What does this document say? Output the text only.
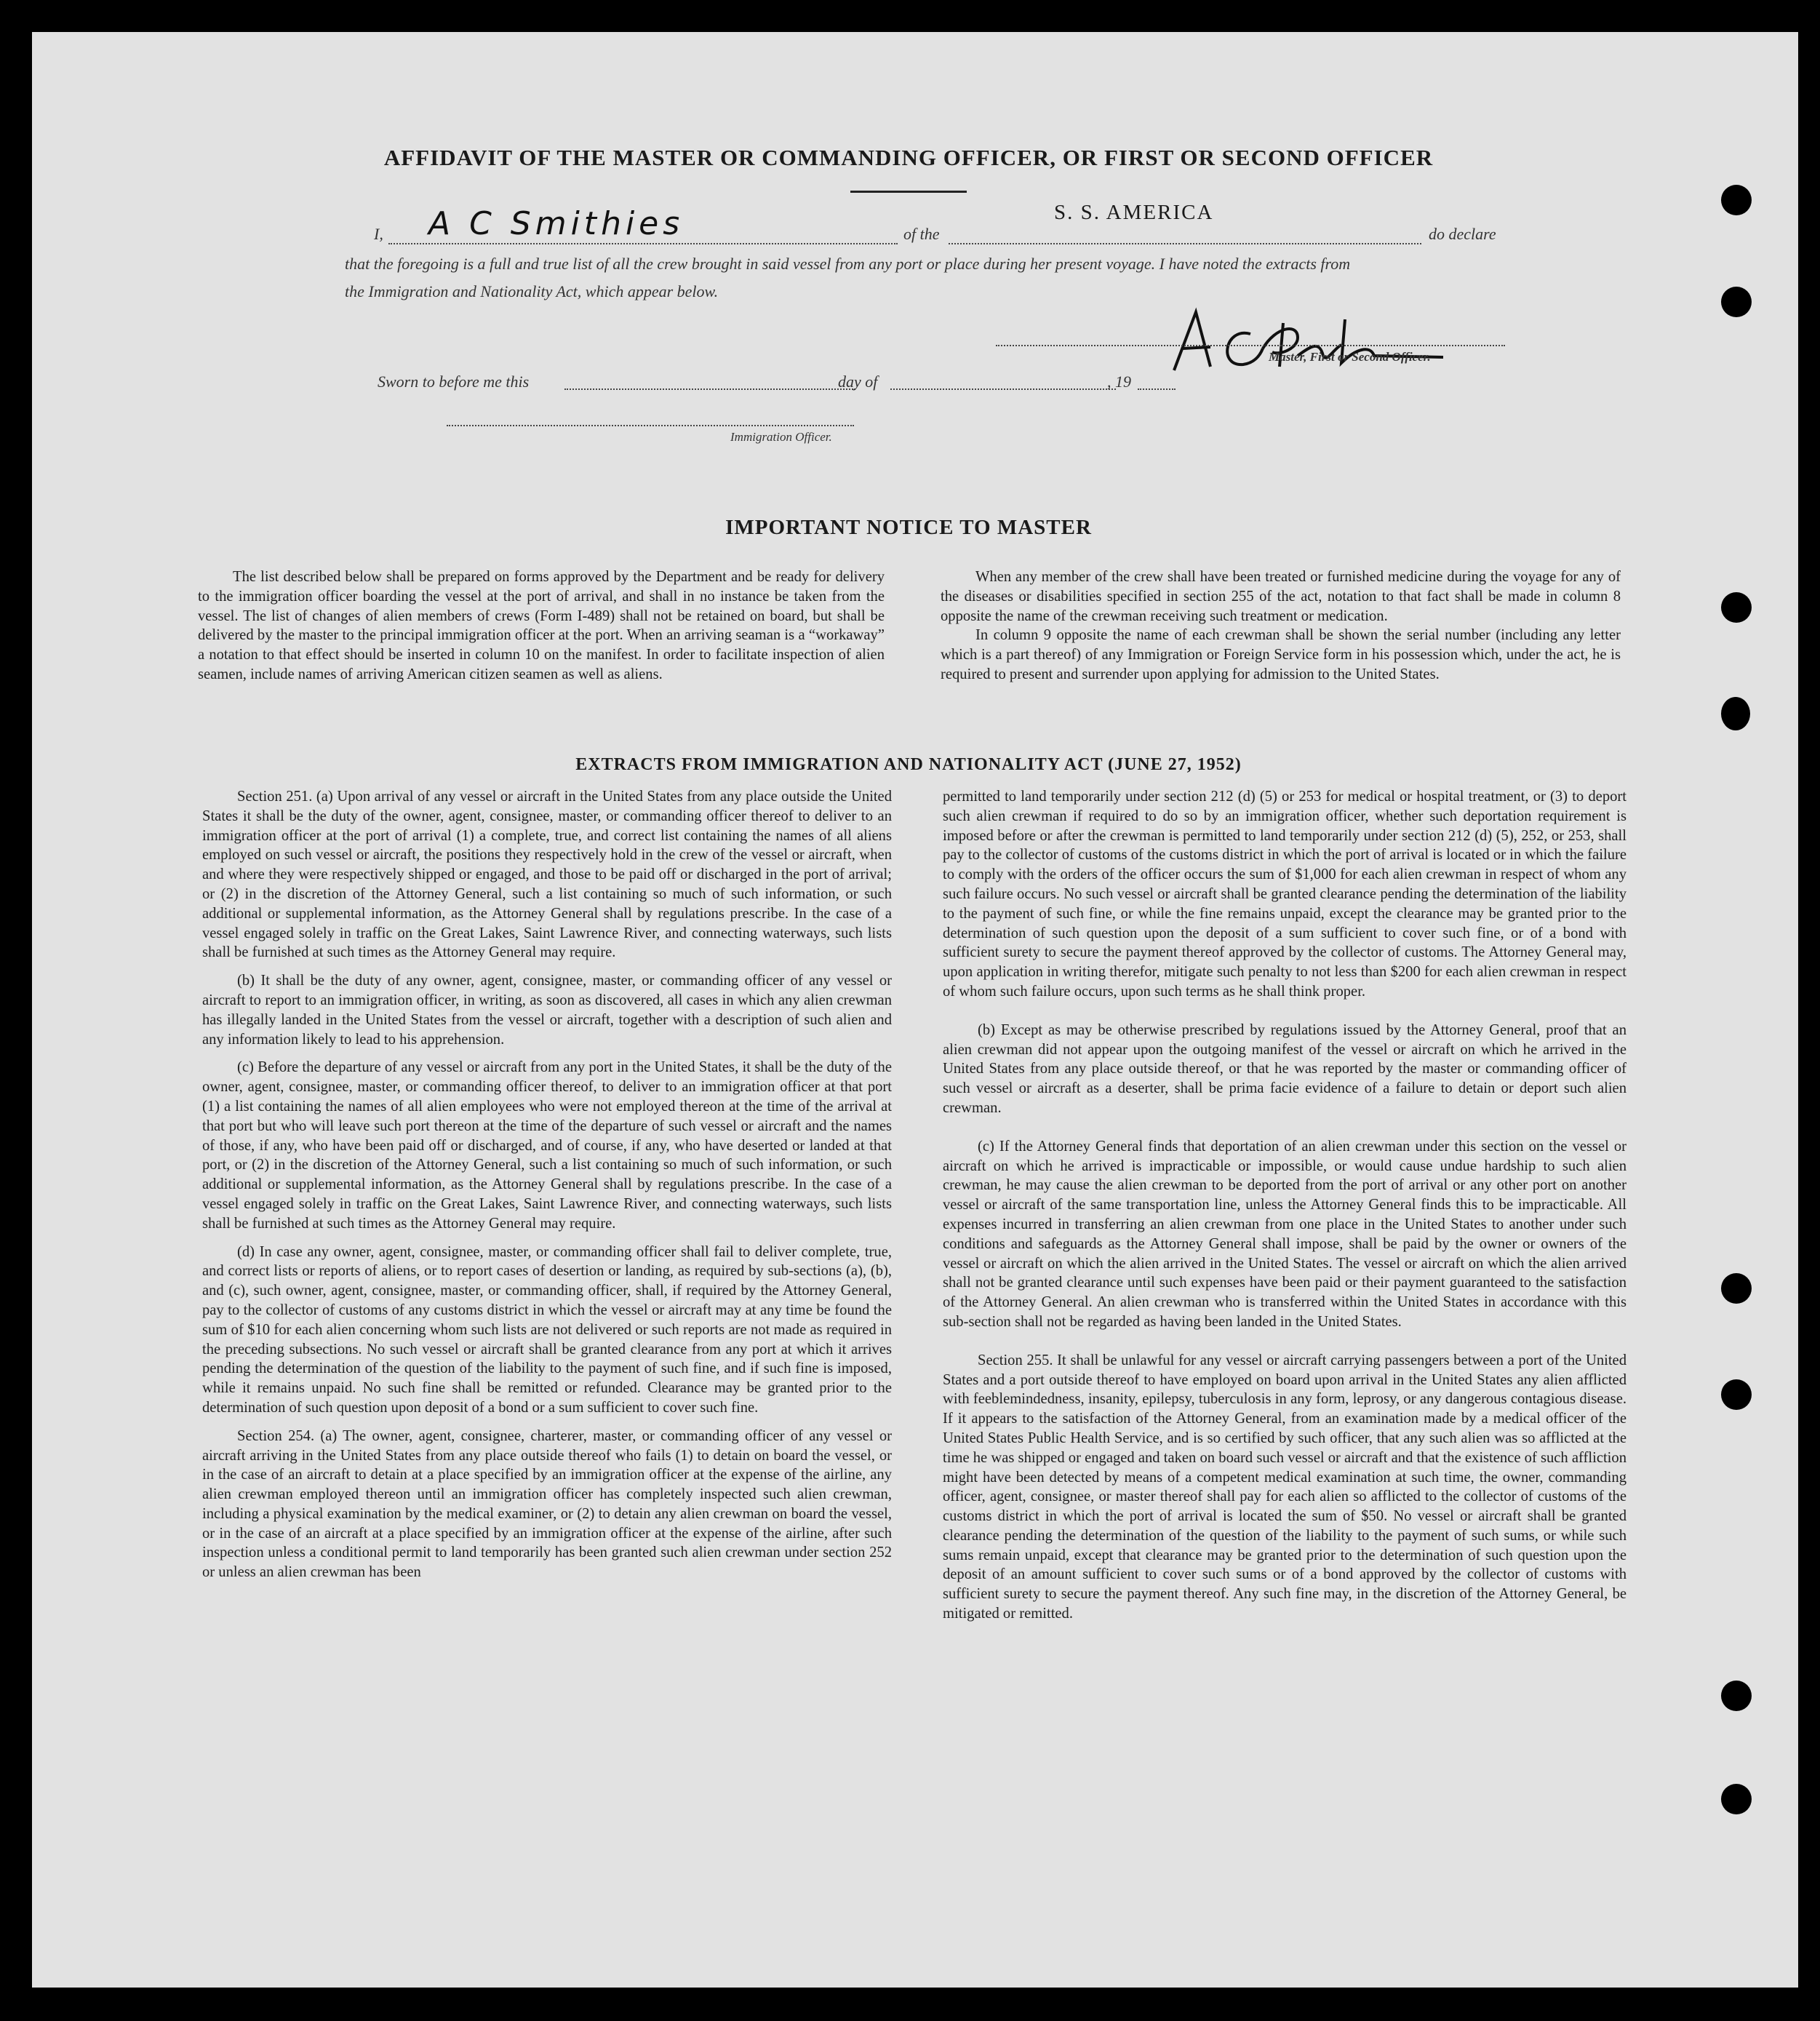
AFFIDAVIT OF THE MASTER OR COMMANDING OFFICER, OR FIRST OR SECOND OFFICER
S. S. AMERICA
I, A C Smithies	of the	do declare
that the foregoing is a full and true list of all the crew brought in said vessel from any port or place during her present voyage. I have noted the extracts from
the Immigration and Nationality Act, which appear below.
Master, First or Second Officer.
Sworn to before me this	day of	, 19
Immigration Officer.
IMPORTANT NOTICE TO MASTER

The list described below shall be prepared on forms approved by the Department and be ready for delivery to the immigration officer boarding the vessel at the port of arrival, and shall in no instance be taken from the vessel. The list of changes of alien members of crews (Form I-489) shall not be retained on board, but shall be delivered by the master to the principal immigration officer at the port. When an arriving seaman is a “workaway” a notation to that effect should be inserted in column 10 on the manifest. In order to facilitate inspection of alien seamen, include names of arriving American citizen seamen as well as aliens.

When any member of the crew shall have been treated or furnished medicine during the voyage for any of the diseases or disabilities specified in section 255 of the act, notation to that fact shall be made in column 8 opposite the name of the crewman receiving such treatment or medication.

In column 9 opposite the name of each crewman shall be shown the serial number (including any letter which is a part thereof) of any Immigration or Foreign Service form in his possession which, under the act, he is required to present and surrender upon applying for admission to the United States.

EXTRACTS FROM IMMIGRATION AND NATIONALITY ACT (JUNE 27, 1952)

Section 251. (a) Upon arrival of any vessel or aircraft in the United States from any place outside the United States it shall be the duty of the owner, agent, consignee, master, or commanding officer thereof to deliver to an immigration officer at the port of arrival (1) a complete, true, and correct list containing the names of all aliens employed on such vessel or aircraft, the positions they respectively hold in the crew of the vessel or aircraft, when and where they were respectively shipped or engaged, and those to be paid off or discharged in the port of arrival; or (2) in the discretion of the Attorney General, such a list containing so much of such information, or such additional or supplemental information, as the Attorney General shall by regulations prescribe. In the case of a vessel engaged solely in traffic on the Great Lakes, Saint Lawrence River, and connecting waterways, such lists shall be furnished at such times as the Attorney General may require.

(b) It shall be the duty of any owner, agent, consignee, master, or commanding officer of any vessel or aircraft to report to an immigration officer, in writing, as soon as discovered, all cases in which any alien crewman has illegally landed in the United States from the vessel or aircraft, together with a description of such alien and any information likely to lead to his apprehension.

(c) Before the departure of any vessel or aircraft from any port in the United States, it shall be the duty of the owner, agent, consignee, master, or commanding officer thereof, to deliver to an immigration officer at that port (1) a list containing the names of all alien employees who were not employed thereon at the time of the arrival at that port but who will leave such port thereon at the time of the departure of such vessel or aircraft and the names of those, if any, who have been paid off or discharged, and of course, if any, who have deserted or landed at that port, or (2) in the discretion of the Attorney General, such a list containing so much of such information, or such additional or supplemental information, as the Attorney General shall by regulations prescribe. In the case of a vessel engaged solely in traffic on the Great Lakes, Saint Lawrence River, and connecting waterways, such lists shall be furnished at such times as the Attorney General may require.

(d) In case any owner, agent, consignee, master, or commanding officer shall fail to deliver complete, true, and correct lists or reports of aliens, or to report cases of desertion or landing, as required by sub-sections (a), (b), and (c), such owner, agent, consignee, master, or commanding officer, shall, if required by the Attorney General, pay to the collector of customs of any customs district in which the vessel or aircraft may at any time be found the sum of $10 for each alien concerning whom such lists are not delivered or such reports are not made as required in the preceding subsections. No such vessel or aircraft shall be granted clearance from any port at which it arrives pending the determination of the question of the liability to the payment of such fine, and if such fine is imposed, while it remains unpaid. No such fine shall be remitted or refunded. Clearance may be granted prior to the determination of such question upon deposit of a bond or a sum sufficient to cover such fine.

Section 254. (a) The owner, agent, consignee, charterer, master, or commanding officer of any vessel or aircraft arriving in the United States from any place outside thereof who fails (1) to detain on board the vessel, or in the case of an aircraft to detain at a place specified by an immigration officer at the expense of the airline, any alien crewman employed thereon until an immigration officer has completely inspected such alien crewman, including a physical examination by the medical examiner, or (2) to detain any alien crewman on board the vessel, or in the case of an aircraft at a place specified by an immigration officer at the expense of the airline, after such inspection unless a conditional permit to land temporarily has been granted such alien crewman under section 252 or unless an alien crewman has been

permitted to land temporarily under section 212 (d) (5) or 253 for medical or hospital treatment, or (3) to deport such alien crewman if required to do so by an immigration officer, whether such deportation requirement is imposed before or after the crewman is permitted to land temporarily under section 212 (d) (5), 252, or 253, shall pay to the collector of customs of the customs district in which the port of arrival is located or in which the failure to comply with the orders of the officer occurs the sum of $1,000 for each alien crewman in respect of whom any such failure occurs. No such vessel or aircraft shall be granted clearance pending the determination of the liability to the payment of such fine, or while the fine remains unpaid, except the clearance may be granted prior to the determination of such question upon the deposit of a sum sufficient to cover such fine, or of a bond with sufficient surety to secure the payment thereof approved by the collector of customs. The Attorney General may, upon application in writing therefor, mitigate such penalty to not less than $200 for each alien crewman in respect of whom such failure occurs, upon such terms as he shall think proper.

(b) Except as may be otherwise prescribed by regulations issued by the Attorney General, proof that an alien crewman did not appear upon the outgoing manifest of the vessel or aircraft on which he arrived in the United States from any place outside thereof, or that he was reported by the master or commanding officer of such vessel or aircraft as a deserter, shall be prima facie evidence of a failure to detain or deport such alien crewman.

(c) If the Attorney General finds that deportation of an alien crewman under this section on the vessel or aircraft on which he arrived is impracticable or impossible, or would cause undue hardship to such alien crewman, he may cause the alien crewman to be deported from the port of arrival or any other port on another vessel or aircraft of the same transportation line, unless the Attorney General finds this to be impracticable. All expenses incurred in transferring an alien crewman from one place in the United States to another under such conditions and safeguards as the Attorney General shall impose, shall be paid by the owner or owners of the vessel or aircraft on which the alien arrived in the United States. The vessel or aircraft on which the alien arrived shall not be granted clearance until such expenses have been paid or their payment guaranteed to the satisfaction of the Attorney General. An alien crewman who is transferred within the United States in accordance with this sub-section shall not be regarded as having been landed in the United States.

Section 255. It shall be unlawful for any vessel or aircraft carrying passengers between a port of the United States and a port outside thereof to have employed on board upon arrival in the United States any alien afflicted with feeblemindedness, insanity, epilepsy, tuberculosis in any form, leprosy, or any dangerous contagious disease. If it appears to the satisfaction of the Attorney General, from an examination made by a medical officer of the United States Public Health Service, and is so certified by such officer, that any such alien was so afflicted at the time he was shipped or engaged and taken on board such vessel or aircraft and that the existence of such affliction might have been detected by means of a competent medical examination at such time, the owner, commanding officer, agent, consignee, or master thereof shall pay for each alien so afflicted to the collector of customs of the customs district in which the port of arrival is located the sum of $50. No vessel or aircraft shall be granted clearance pending the determination of the question of the liability to the payment of such sums, or while such sums remain unpaid, except that clearance may be granted prior to the determination of such question upon the deposit of an amount sufficient to cover such sums or of a bond approved by the collector of customs with sufficient surety to secure the payment thereof. Any such fine may, in the discretion of the Attorney General, be mitigated or remitted.
